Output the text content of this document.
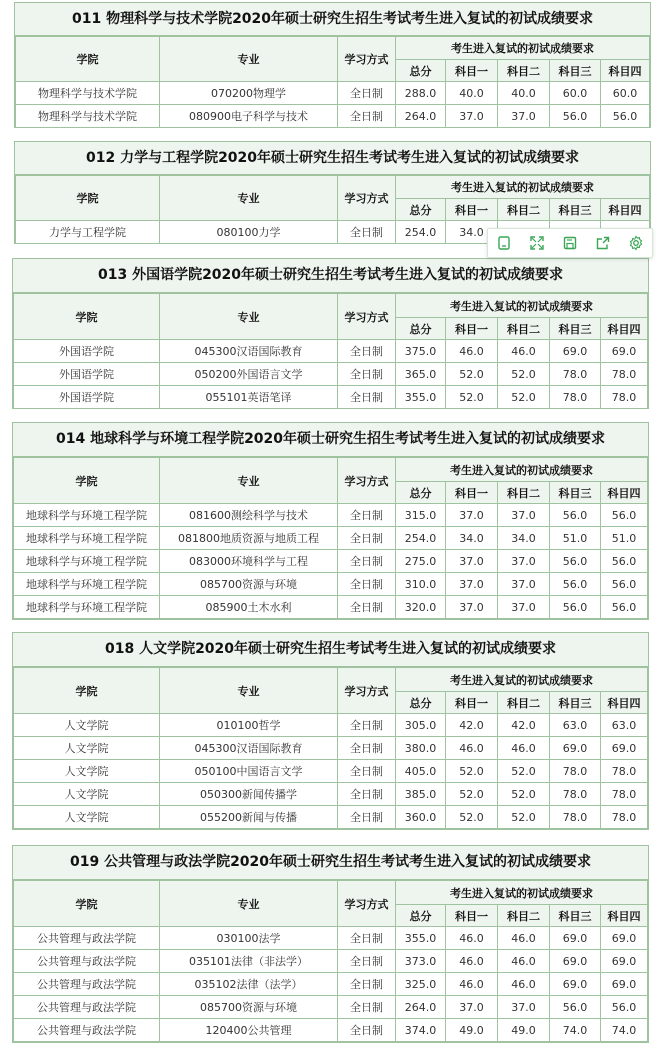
011 物理科学与技术学院2020年硕士研究生招生考试考生进入复试的初试成绩要求
学院	专业	学习方式	考生进入复试的初试成绩要求				
			总分	科目一	科目二	科目三	科目四
物理科学与技术学院	070200物理学	全日制	288.0	40.0	40.0	60.0	60.0
物理科学与技术学院	080900电子科学与技术	全日制	264.0	37.0	37.0	56.0	56.0
012 力学与工程学院2020年硕士研究生招生考试考生进入复试的初试成绩要求
学院	专业	学习方式	考生进入复试的初试成绩要求				
			总分	科目一	科目二	科目三	科目四
力学与工程学院	080100力学	全日制	254.0	34.0			
013 外国语学院2020年硕士研究生招生考试考生进入复试的初试成绩要求
学院	专业	学习方式	考生进入复试的初试成绩要求				
			总分	科目一	科目二	科目三	科目四
外国语学院	045300汉语国际教育	全日制	375.0	46.0	46.0	69.0	69.0
外国语学院	050200外国语言文学	全日制	365.0	52.0	52.0	78.0	78.0
外国语学院	055101英语笔译	全日制	355.0	52.0	52.0	78.0	78.0
014 地球科学与环境工程学院2020年硕士研究生招生考试考生进入复试的初试成绩要求
学院	专业	学习方式	考生进入复试的初试成绩要求				
			总分	科目一	科目二	科目三	科目四
地球科学与环境工程学院	081600测绘科学与技术	全日制	315.0	37.0	37.0	56.0	56.0
地球科学与环境工程学院	081800地质资源与地质工程	全日制	254.0	34.0	34.0	51.0	51.0
地球科学与环境工程学院	083000环境科学与工程	全日制	275.0	37.0	37.0	56.0	56.0
地球科学与环境工程学院	085700资源与环境	全日制	310.0	37.0	37.0	56.0	56.0
地球科学与环境工程学院	085900土木水利	全日制	320.0	37.0	37.0	56.0	56.0
018 人文学院2020年硕士研究生招生考试考生进入复试的初试成绩要求
学院	专业	学习方式	考生进入复试的初试成绩要求				
			总分	科目一	科目二	科目三	科目四
人文学院	010100哲学	全日制	305.0	42.0	42.0	63.0	63.0
人文学院	045300汉语国际教育	全日制	380.0	46.0	46.0	69.0	69.0
人文学院	050100中国语言文学	全日制	405.0	52.0	52.0	78.0	78.0
人文学院	050300新闻传播学	全日制	385.0	52.0	52.0	78.0	78.0
人文学院	055200新闻与传播	全日制	360.0	52.0	52.0	78.0	78.0
019 公共管理与政法学院2020年硕士研究生招生考试考生进入复试的初试成绩要求
学院	专业	学习方式	考生进入复试的初试成绩要求				
			总分	科目一	科目二	科目三	科目四
公共管理与政法学院	030100法学	全日制	355.0	46.0	46.0	69.0	69.0
公共管理与政法学院	035101法律（非法学）	全日制	373.0	46.0	46.0	69.0	69.0
公共管理与政法学院	035102法律（法学）	全日制	325.0	46.0	46.0	69.0	69.0
公共管理与政法学院	085700资源与环境	全日制	264.0	37.0	37.0	56.0	56.0
公共管理与政法学院	120400公共管理	全日制	374.0	49.0	49.0	74.0	74.0
